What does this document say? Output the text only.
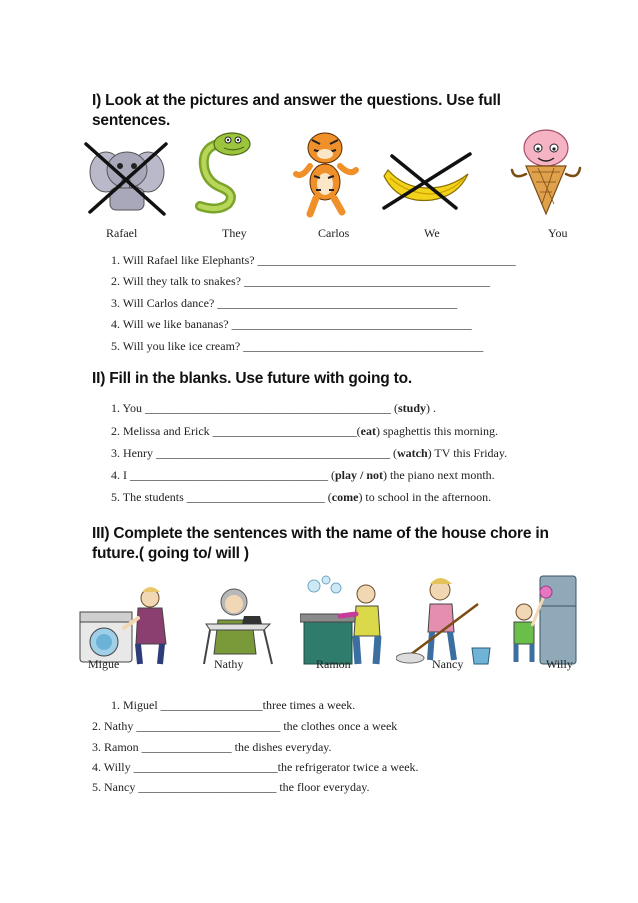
I) Look at the pictures and answer the questions. Use full
sentences.
Rafael	They	Carlos	We	You
1. Will Rafael like Elephants? ___________________________________________
2. Will they talk to snakes? _________________________________________
3. Will Carlos dance? ________________________________________
4. Will we like bananas? ________________________________________
5. Will you like ice cream? ________________________________________
II) Fill in the blanks. Use future with going to.
1. You _________________________________________ (study) .
2. Melissa and Erick ________________________(eat) spaghettis this morning.
3. Henry _______________________________________ (watch) TV this Friday.
4. I _________________________________ (play / not) the piano next month.
5. The students _______________________ (come) to school in the afternoon.
III) Complete the sentences with the name of the house chore in
future.( going to/ will )
Migue	Nathy	Ramon	Nancy	Willy
1. Miguel _________________three times a week.
2. Nathy ________________________ the clothes once a week
3. Ramon _______________ the dishes everyday.
4. Willy ________________________the refrigerator twice a week.
5. Nancy _______________________ the floor everyday.
